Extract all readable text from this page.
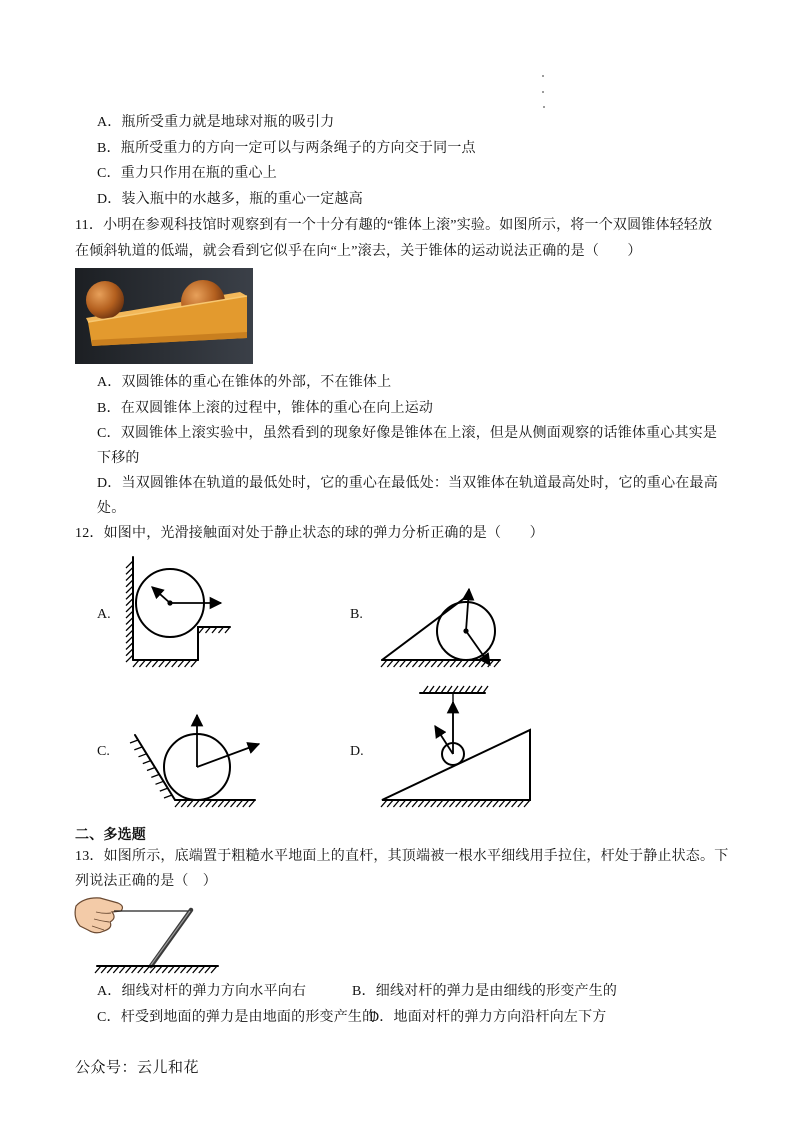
A．瓶所受重力就是地球对瓶的吸引力
B．瓶所受重力的方向一定可以与两条绳子的方向交于同一点
C．重力只作用在瓶的重心上
D．装入瓶中的水越多，瓶的重心一定越高
11．小明在参观科技馆时观察到有一个十分有趣的“锥体上滚”实验。如图所示，将一个双圆锥体轻轻放
在倾斜轨道的低端，就会看到它似乎在向“上”滚去，关于锥体的运动说法正确的是（　　）
A．双圆锥体的重心在锥体的外部，不在锥体上
B．在双圆锥体上滚的过程中，锥体的重心在向上运动
C．双圆锥体上滚实验中，虽然看到的现象好像是锥体在上滚，但是从侧面观察的话锥体重心其实是
下移的
D．当双圆锥体在轨道的最低处时，它的重心在最低处：当双锥体在轨道最高处时，它的重心在最高
处。
12．如图中，光滑接触面对处于静止状态的球的弹力分析正确的是（　　）
A.	B.
C.	D.
二、多选题
13．如图所示，底端置于粗糙水平地面上的直杆，其顶端被一根水平细线用手拉住，杆处于静止状态。下
列说法正确的是（　）
A．细线对杆的弹力方向水平向右	B．细线对杆的弹力是由细线的形变产生的
C．杆受到地面的弹力是由地面的形变产生的
D．地面对杆的弹力方向沿杆向左下方
公众号：云儿和花
